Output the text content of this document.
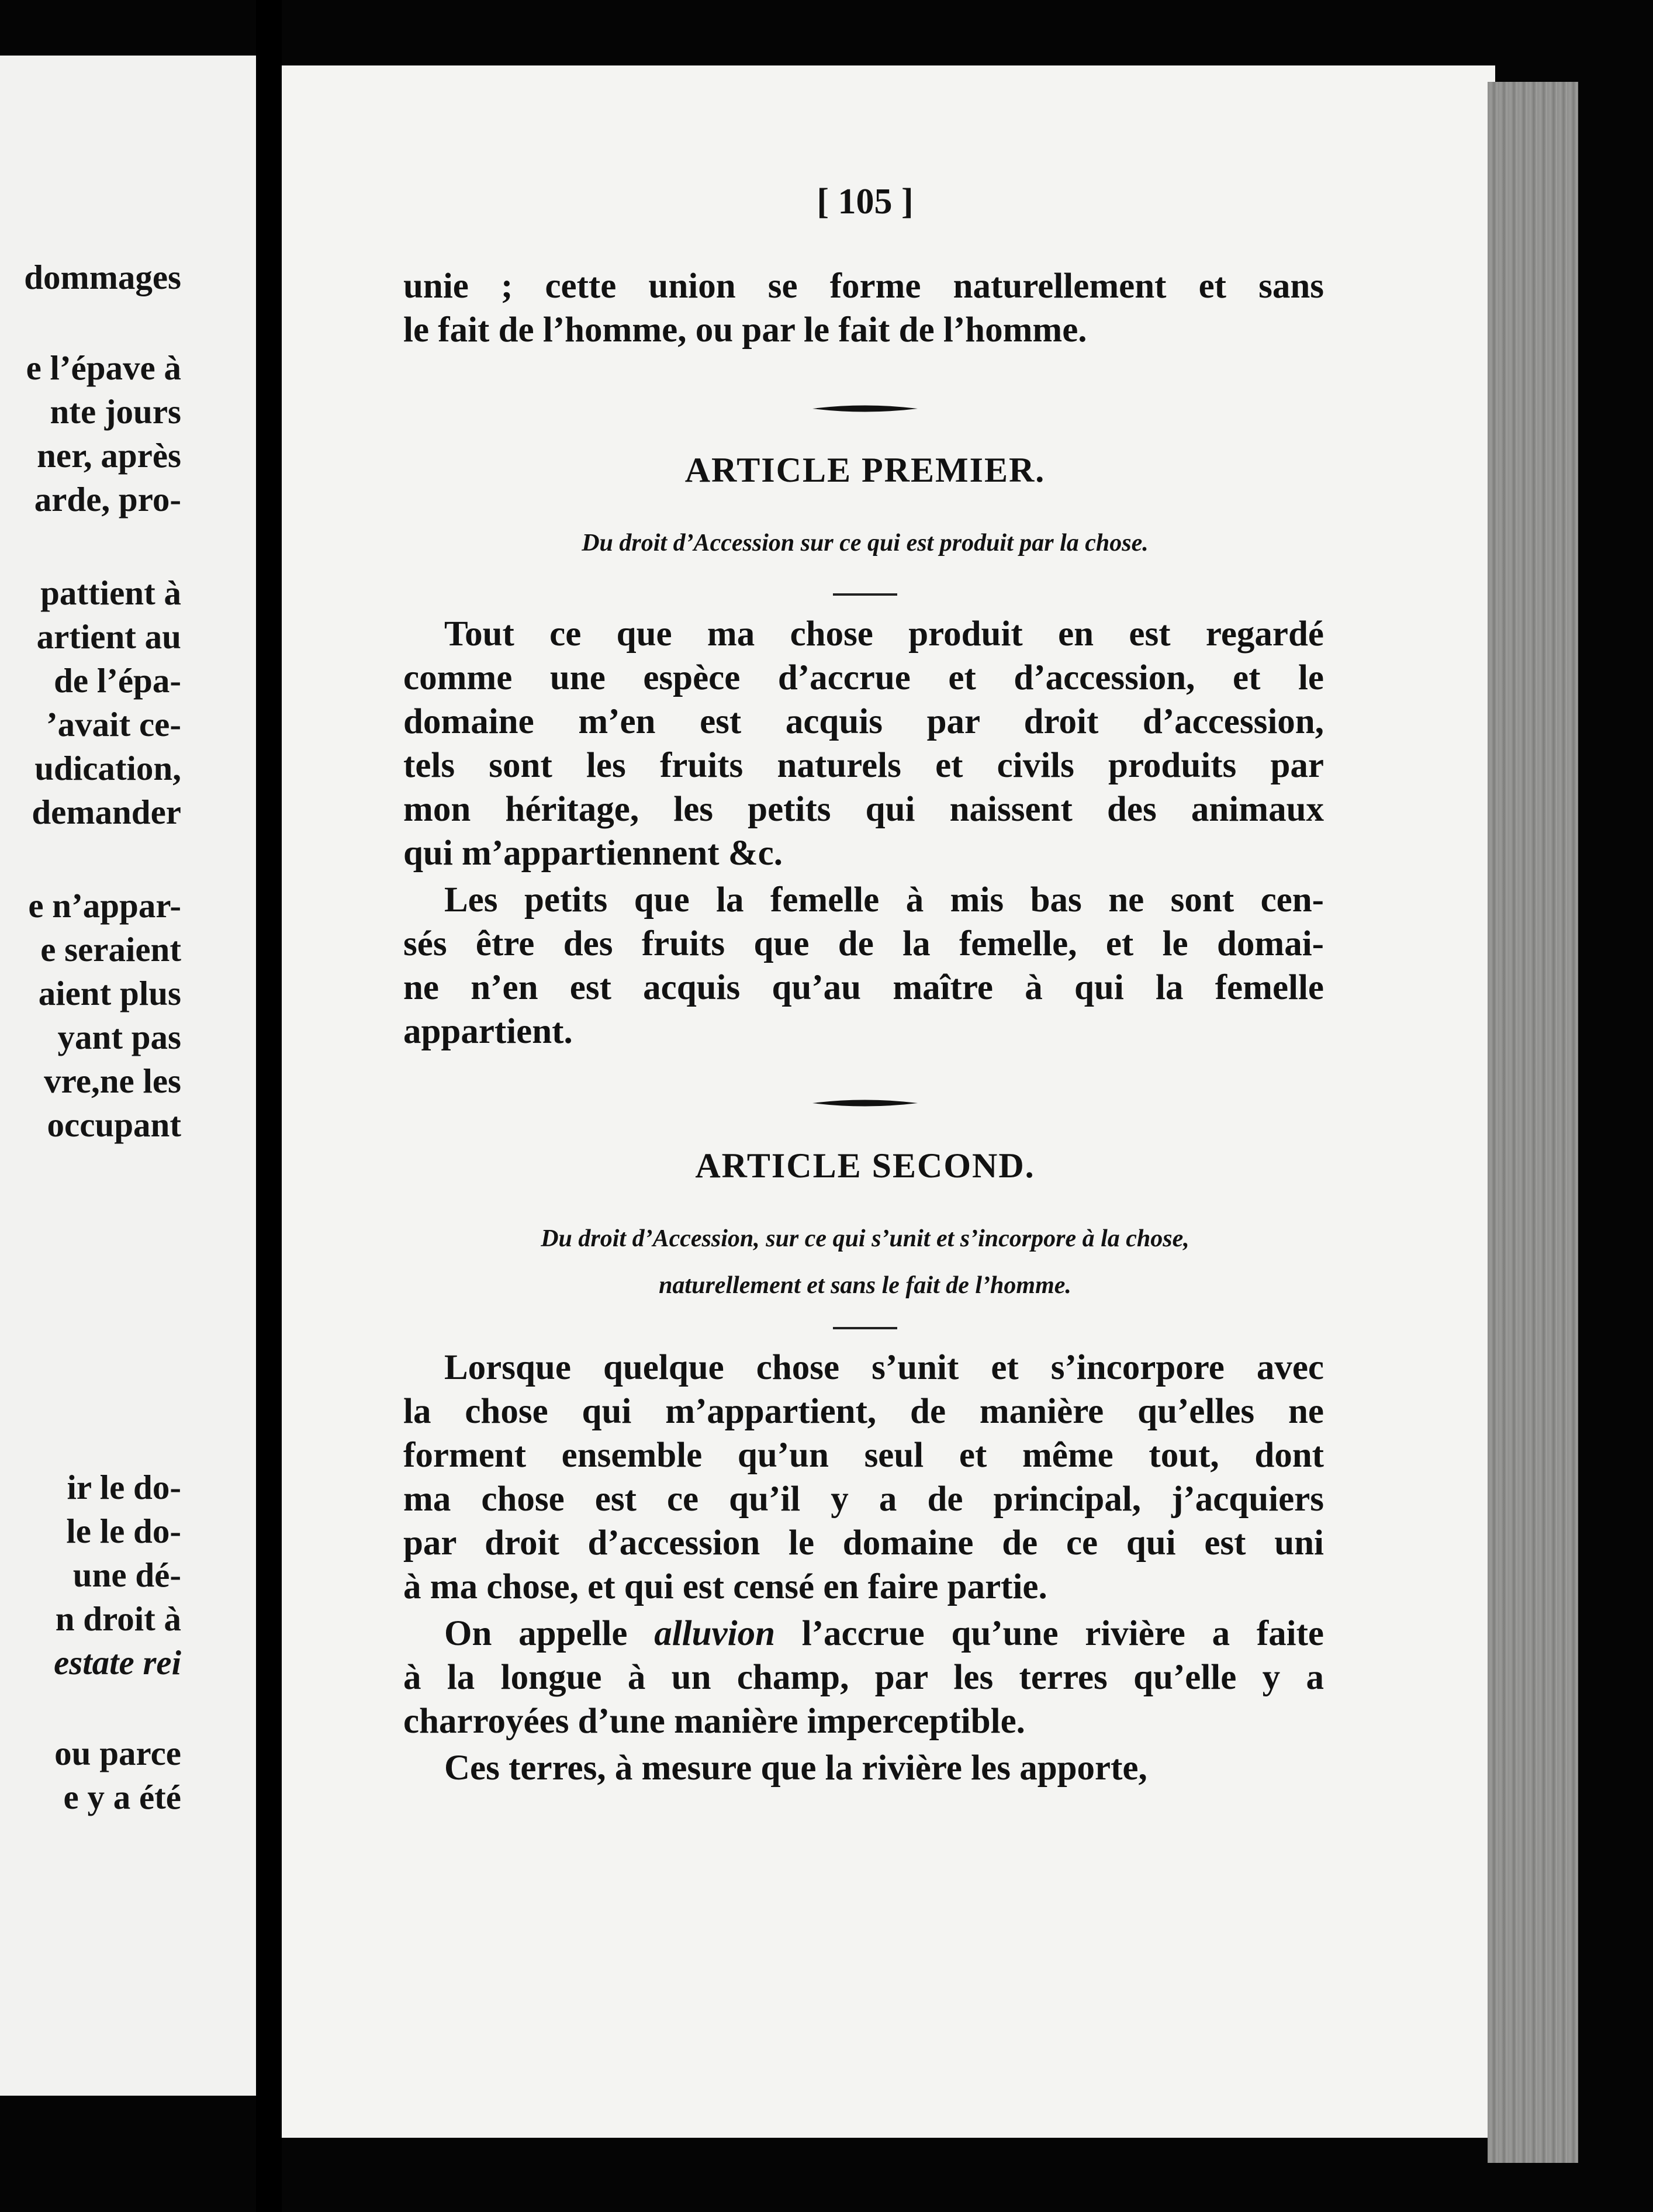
dommages
e l’épave à
nte jours
ner, après
arde, pro-
pattient à
artient au
de l’épa-
’avait ce-
udication,
demander
e n’appar-
e seraient
aient plus
yant pas
vre,ne les
occupant
ir le do-
le le do-
une dé-
n droit à
estate rei
ou parce
e y a été
[ 105 ]
unie ; cette union se forme naturellement et sans
le fait de l’homme, ou par le fait de l’homme.
ARTICLE PREMIER.
Du droit d’Accession sur ce qui est produit par la chose.
Tout ce que ma chose produit en est regardé
comme une espèce d’accrue et d’accession, et le
domaine m’en est acquis par droit d’accession,
tels sont les fruits naturels et civils produits par
mon héritage, les petits qui naissent des animaux
qui m’appartiennent &c.
Les petits que la femelle à mis bas ne sont cen-
sés être des fruits que de la femelle, et le domai-
ne n’en est acquis qu’au maître à qui la femelle
appartient.
ARTICLE SECOND.
Du droit d’Accession, sur ce qui s’unit et s’incorpore à la chose,
naturellement et sans le fait de l’homme.
Lorsque quelque chose s’unit et s’incorpore avec
la chose qui m’appartient, de manière qu’elles ne
forment ensemble qu’un seul et même tout, dont
ma chose est ce qu’il y a de principal, j’acquiers
par droit d’accession le domaine de ce qui est uni
à ma chose, et qui est censé en faire partie.
On appelle alluvion l’accrue qu’une rivière a faite
à la longue à un champ, par les terres qu’elle y a
charroyées d’une manière imperceptible.
Ces terres, à mesure que la rivière les apporte,
